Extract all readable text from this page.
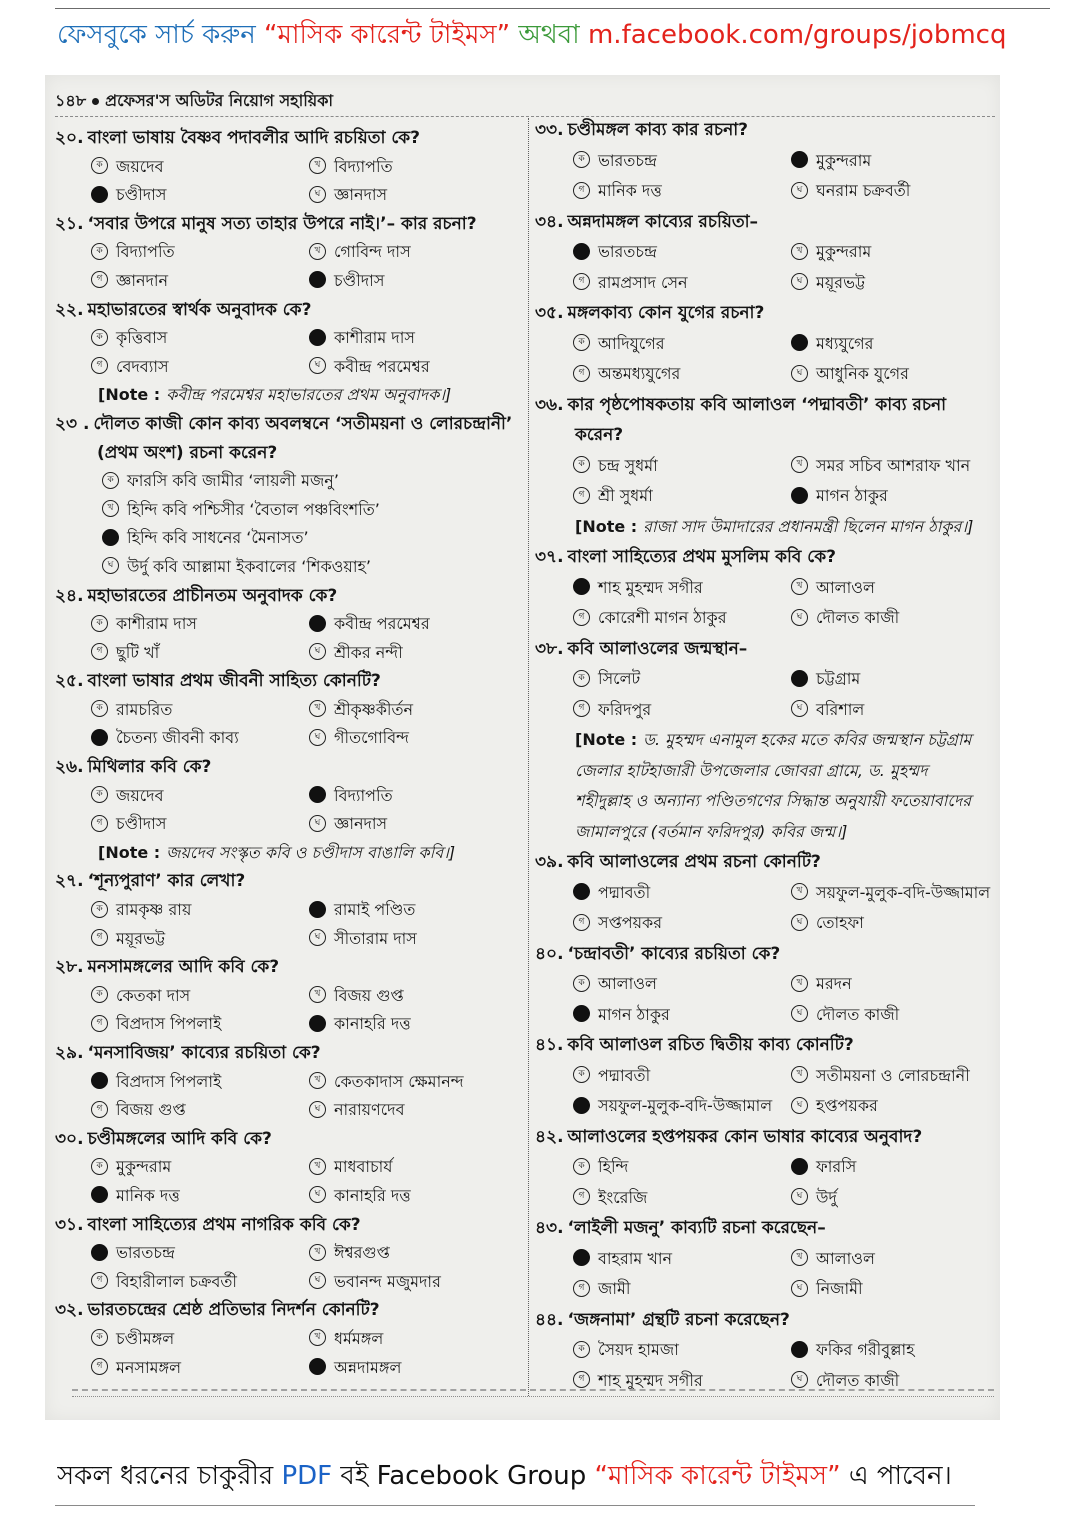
ফেসবুকে সার্চ করুন “মাসিক কারেন্ট টাইমস” অথবা m.facebook.com/groups/jobmcq
১৪৮ প্রফেসর'স অডিটর নিয়োগ সহায়িকা
২০. বাংলা ভাষায় বৈষ্ণব পদাবলীর আদি রচয়িতা কে?
ক জয়দেব	খ বিদ্যাপতি
চণ্ডীদাস	ঘ জ্ঞানদাস
২১. ‘সবার উপরে মানুষ সত্য তাহার উপরে নাই।’– কার রচনা?
ক বিদ্যাপতি	খ গোবিন্দ দাস
গ জ্ঞানদান	চণ্ডীদাস
২২. মহাভারতের স্বার্থক অনুবাদক কে?
ক কৃত্তিবাস	কাশীরাম দাস
গ বেদব্যাস	ঘ কবীন্দ্র পরমেশ্বর
[Note : কবীন্দ্র পরমেশ্বর মহাভারতের প্রথম অনুবাদক।]
২৩ . দৌলত কাজী কোন কাব্য অবলম্বনে ‘সতীময়না ও লোরচন্দ্রানী’
(প্রথম অংশ) রচনা করেন?
ক ফারসি কবি জামীর ‘লায়লী মজনু’
খ হিন্দি কবি পশ্চিসীর ‘বৈতাল পঞ্চবিংশতি’
হিন্দি কবি সাধনের ‘মৈনাসত’
ঘ উর্দু কবি আল্লামা ইকবালের ‘শিকওয়াহ’
২৪. মহাভারতের প্রাচীনতম অনুবাদক কে?
ক কাশীরাম দাস	কবীন্দ্র পরমেশ্বর
গ ছুটি খাঁ	ঘ শ্রীকর নন্দী
২৫. বাংলা ভাষার প্রথম জীবনী সাহিত্য কোনটি?
ক রামচরিত	খ শ্রীকৃষ্ণকীর্তন
চৈতন্য জীবনী কাব্য	ঘ গীতগোবিন্দ
২৬. মিথিলার কবি কে?
ক জয়দেব	বিদ্যাপতি
গ চণ্ডীদাস	ঘ জ্ঞানদাস
[Note : জয়দেব সংস্কৃত কবি ও চণ্ডীদাস বাঙালি কবি।]
২৭. ‘শূন্যপুরাণ’ কার লেখা?
ক রামকৃষ্ণ রায়	রামাই পণ্ডিত
গ ময়ূরভট্ট	ঘ সীতারাম দাস
২৮. মনসামঙ্গলের আদি কবি কে?
ক কেতকা দাস	খ বিজয় গুপ্ত
গ বিপ্রদাস পিপলাই	কানাহরি দত্ত
২৯. ‘মনসাবিজয়’ কাব্যের রচয়িতা কে?
বিপ্রদাস পিপলাই	খ কেতকাদাস ক্ষেমানন্দ
গ বিজয় গুপ্ত	ঘ নারায়ণদেব
৩০. চণ্ডীমঙ্গলের আদি কবি কে?
ক মুকুন্দরাম	খ মাধবাচার্য
মানিক দত্ত	ঘ কানাহরি দত্ত
৩১. বাংলা সাহিত্যের প্রথম নাগরিক কবি কে?
ভারতচন্দ্র	খ ঈশ্বরগুপ্ত
গ বিহারীলাল চক্রবর্তী	ঘ ভবানন্দ মজুমদার
৩২. ভারতচন্দ্রের শ্রেষ্ঠ প্রতিভার নিদর্শন কোনটি?
ক চণ্ডীমঙ্গল	খ ধর্মমঙ্গল
গ মনসামঙ্গল	অন্নদামঙ্গল
৩৩. চণ্ডীমঙ্গল কাব্য কার রচনা?
ক ভারতচন্দ্র	মুকুন্দরাম
গ মানিক দত্ত	ঘ ঘনরাম চক্রবর্তী
৩৪. অন্নদামঙ্গল কাব্যের রচয়িতা–
ভারতচন্দ্র	খ মুকুন্দরাম
গ রামপ্রসাদ সেন	ঘ ময়ূরভট্ট
৩৫. মঙ্গলকাব্য কোন যুগের রচনা?
ক আদিযুগের	মধ্যযুগের
গ অন্তমধ্যযুগের	ঘ আধুনিক যুগের
৩৬. কার পৃষ্ঠপোষকতায় কবি আলাওল ‘পদ্মাবতী’ কাব্য রচনা
করেন?
ক চন্দ্র সুধর্মা	খ সমর সচিব আশরাফ খান
গ শ্রী সুধর্মা	মাগন ঠাকুর
[Note : রাজা সাদ উমাদারের প্রধানমন্ত্রী ছিলেন মাগন ঠাকুর।]
৩৭. বাংলা সাহিত্যের প্রথম মুসলিম কবি কে?
শাহ মুহম্মদ সগীর	খ আলাওল
গ কোরেশী মাগন ঠাকুর	ঘ দৌলত কাজী
৩৮. কবি আলাওলের জন্মস্থান–
ক সিলেট	চট্টগ্রাম
গ ফরিদপুর	ঘ বরিশাল
[Note : ড. মুহম্মদ এনামুল হকের মতে কবির জন্মস্থান চট্টগ্রাম
জেলার হাটহাজারী উপজেলার জোবরা গ্রামে, ড. মুহম্মদ
শহীদুল্লাহ ও অন্যান্য পণ্ডিতগণের সিদ্ধান্ত অনুযায়ী ফতেয়াবাদের
জামালপুরে (বর্তমান ফরিদপুর) কবির জন্ম।]
৩৯. কবি আলাওলের প্রথম রচনা কোনটি?
পদ্মাবতী	খ সয়ফুল-মুলুক-বদি-উজ্জামাল
গ সপ্তপয়কর	ঘ তোহফা
৪০. ‘চন্দ্রাবতী’ কাব্যের রচয়িতা কে?
ক আলাওল	খ মরদন
মাগন ঠাকুর	ঘ দৌলত কাজী
৪১. কবি আলাওল রচিত দ্বিতীয় কাব্য কোনটি?
ক পদ্মাবতী	খ সতীময়না ও লোরচন্দ্রানী
সয়ফুল-মুলুক-বদি-উজ্জামাল	ঘ হপ্তপয়কর
৪২. আলাওলের হপ্তপয়কর কোন ভাষার কাব্যের অনুবাদ?
ক হিন্দি	ফারসি
গ ইংরেজি	ঘ উর্দু
৪৩. ‘লাইলী মজনু’ কাব্যটি রচনা করেছেন–
বাহরাম খান	খ আলাওল
গ জামী	ঘ নিজামী
৪৪. ‘জঙ্গনামা’ গ্রন্থটি রচনা করেছেন?
ক সৈয়দ হামজা	ফকির গরীবুল্লাহ
গ শাহ মুহম্মদ সগীর	ঘ দৌলত কাজী
সকল ধরনের চাকুরীর PDF বই Facebook Group “মাসিক কারেন্ট টাইমস” এ পাবেন।
